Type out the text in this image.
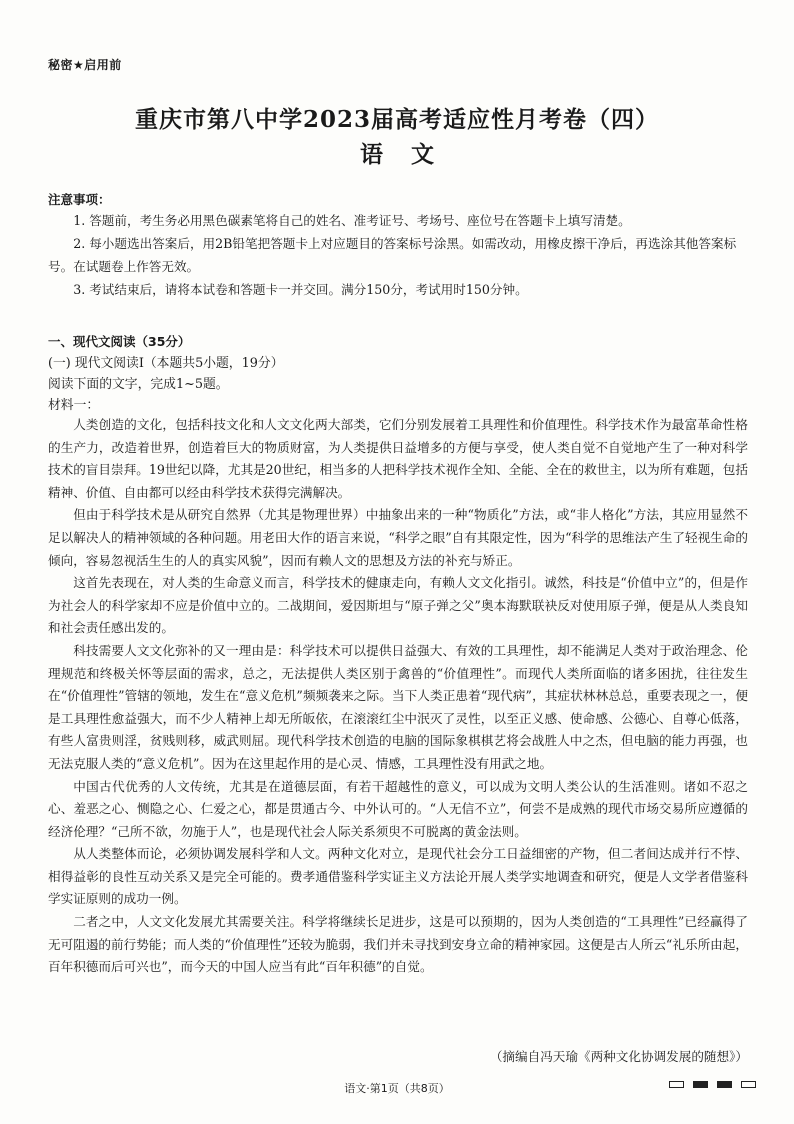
秘密★启用前
重庆市第八中学2023届高考适应性月考卷（四）
语文
注意事项：

1. 答题前，考生务必用黑色碳素笔将自己的姓名、准考证号、考场号、座位号在答题卡上填写清楚。

2. 每小题选出答案后，用2B铅笔把答题卡上对应题目的答案标号涂黑。如需改动，用橡皮擦干净后，再选涂其他答案标号。在试题卷上作答无效。

3. 考试结束后，请将本试卷和答题卡一并交回。满分150分，考试用时150分钟。

一、现代文阅读（35分）
(一) 现代文阅读Ⅰ（本题共5小题，19分）
阅读下面的文字，完成1~5题。
材料一：

人类创造的文化，包括科技文化和人文文化两大部类，它们分别发展着工具理性和价值理性。科学技术作为最富革命性格的生产力，改造着世界，创造着巨大的物质财富，为人类提供日益增多的方便与享受，使人类自觉不自觉地产生了一种对科学技术的盲目崇拜。19世纪以降，尤其是20世纪，相当多的人把科学技术视作全知、全能、全在的救世主，以为所有难题，包括精神、价值、自由都可以经由科学技术获得完满解决。

但由于科学技术是从研究自然界（尤其是物理世界）中抽象出来的一种“物质化”方法，或“非人格化”方法，其应用显然不足以解决人的精神领域的各种问题。用老田大作的语言来说，“科学之眼”自有其限定性，因为“科学的思维法产生了轻视生命的倾向，容易忽视活生生的人的真实风貌”，因而有赖人文的思想及方法的补充与矫正。

这首先表现在，对人类的生命意义而言，科学技术的健康走向，有赖人文文化指引。诚然，科技是“价值中立”的，但是作为社会人的科学家却不应是价值中立的。二战期间，爱因斯坦与“原子弹之父”奥本海默联袂反对使用原子弹，便是从人类良知和社会责任感出发的。

科技需要人文文化弥补的又一理由是：科学技术可以提供日益强大、有效的工具理性，却不能满足人类对于政治理念、伦理规范和终极关怀等层面的需求，总之，无法提供人类区别于禽兽的“价值理性”。而现代人类所面临的诸多困扰，往往发生在“价值理性”管辖的领地，发生在“意义危机”频频袭来之际。当下人类正患着“现代病”，其症状林林总总，重要表现之一，便是工具理性愈益强大，而不少人精神上却无所皈依，在滚滚红尘中泯灭了灵性，以至正义感、使命感、公德心、自尊心低落，有些人富贵则淫，贫贱则移，威武则屈。现代科学技术创造的电脑的国际象棋棋艺将会战胜人中之杰，但电脑的能力再强，也无法克服人类的“意义危机”。因为在这里起作用的是心灵、情感，工具理性没有用武之地。

中国古代优秀的人文传统，尤其是在道德层面，有若干超越性的意义，可以成为文明人类公认的生活准则。诸如不忍之心、羞恶之心、恻隐之心、仁爱之心，都是贯通古今、中外认可的。“人无信不立”，何尝不是成熟的现代市场交易所应遵循的经济伦理？“己所不欲，勿施于人”，也是现代社会人际关系须臾不可脱离的黄金法则。

从人类整体而论，必须协调发展科学和人文。两种文化对立，是现代社会分工日益细密的产物，但二者间达成并行不悖、相得益彰的良性互动关系又是完全可能的。费孝通借鉴科学实证主义方法论开展人类学实地调查和研究，便是人文学者借鉴科学实证原则的成功一例。

二者之中，人文文化发展尤其需要关注。科学将继续长足进步，这是可以预期的，因为人类创造的“工具理性”已经赢得了无可阻遏的前行势能；而人类的“价值理性”还较为脆弱，我们并未寻找到安身立命的精神家园。这便是古人所云“礼乐所由起，百年积德而后可兴也”，而今天的中国人应当有此“百年积德”的自觉。

（摘编自冯天瑜《两种文化协调发展的随想》）
语文·第1页（共8页）
